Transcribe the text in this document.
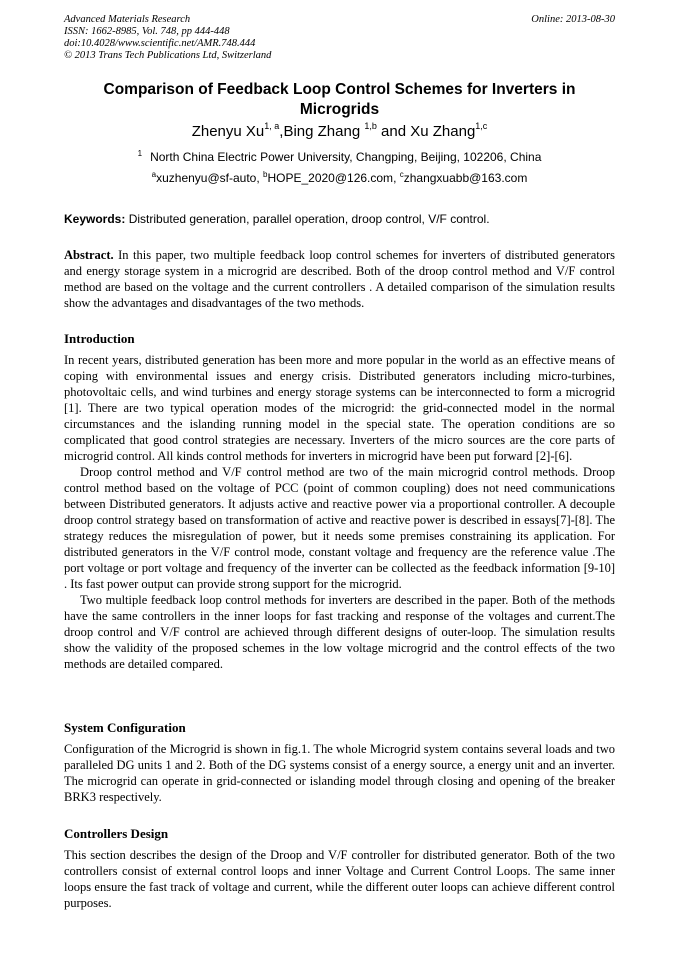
Advanced Materials Research
ISSN: 1662-8985, Vol. 748, pp 444-448
doi:10.4028/www.scientific.net/AMR.748.444
© 2013 Trans Tech Publications Ltd, Switzerland
Online: 2013-08-30
Comparison of Feedback Loop Control Schemes for Inverters in Microgrids
Zhenyu Xu$^{1, a}$,Bing Zhang $^{1,b}$ and Xu Zhang$^{1,c}$
$^1$ North China Electric Power University, Changping, Beijing, 102206, China
$^a$xuzhenyu@sf-auto, $^b$HOPE_2020@126.com, $^c$zhangxuabb@163.com
Keywords: Distributed generation, parallel operation, droop control, V/F control.
Abstract. In this paper, two multiple feedback loop control schemes for inverters of distributed generators and energy storage system in a microgrid are described. Both of the droop control method and V/F control method are based on the voltage and the current controllers . A detailed comparison of the simulation results show the advantages and disadvantages of the two methods.
Introduction

In recent years, distributed generation has been more and more popular in the world as an effective means of coping with environmental issues and energy crisis. Distributed generators including micro-turbines, photovoltaic cells, and wind turbines and energy storage systems can be interconnected to form a microgrid [1]. There are two typical operation modes of the microgrid: the grid-connected model in the normal circumstances and the islanding running model in the special state. The operation conditions are so complicated that good control strategies are necessary. Inverters of the micro sources are the core parts of microgrid control. All kinds control methods for inverters in microgrid have been put forward [2]-[6].

Droop control method and V/F control method are two of the main microgrid control methods. Droop control method based on the voltage of PCC (point of common coupling) does not need communications between Distributed generators. It adjusts active and reactive power via a proportional controller. A decouple droop control strategy based on transformation of active and reactive power is described in essays[7]-[8]. The strategy reduces the misregulation of power, but it needs some premises constraining its application. For distributed generators in the V/F control mode, constant voltage and frequency are the reference value .The port voltage or port voltage and frequency of the inverter can be collected as the feedback information [9-10] . Its fast power output can provide strong support for the microgrid.

Two multiple feedback loop control methods for inverters are described in the paper. Both of the methods have the same controllers in the inner loops for fast tracking and response of the voltages and current.The droop control and V/F control are achieved through different designs of outer-loop. The simulation results show the validity of the proposed schemes in the low voltage microgrid and the control effects of the two methods are detailed compared.

System Configuration

Configuration of the Microgrid is shown in fig.1. The whole Microgrid system contains several loads and two paralleled DG units 1 and 2. Both of the DG systems consist of a energy source, a energy unit and an inverter. The microgrid can operate in grid-connected or islanding model through closing and opening of the breaker BRK3 respectively.

Controllers Design

This section describes the design of the Droop and V/F controller for distributed generator. Both of the two controllers consist of external control loops and inner Voltage and Current Control Loops. The same inner loops ensure the fast track of voltage and current, while the different outer loops can achieve different control purposes.
